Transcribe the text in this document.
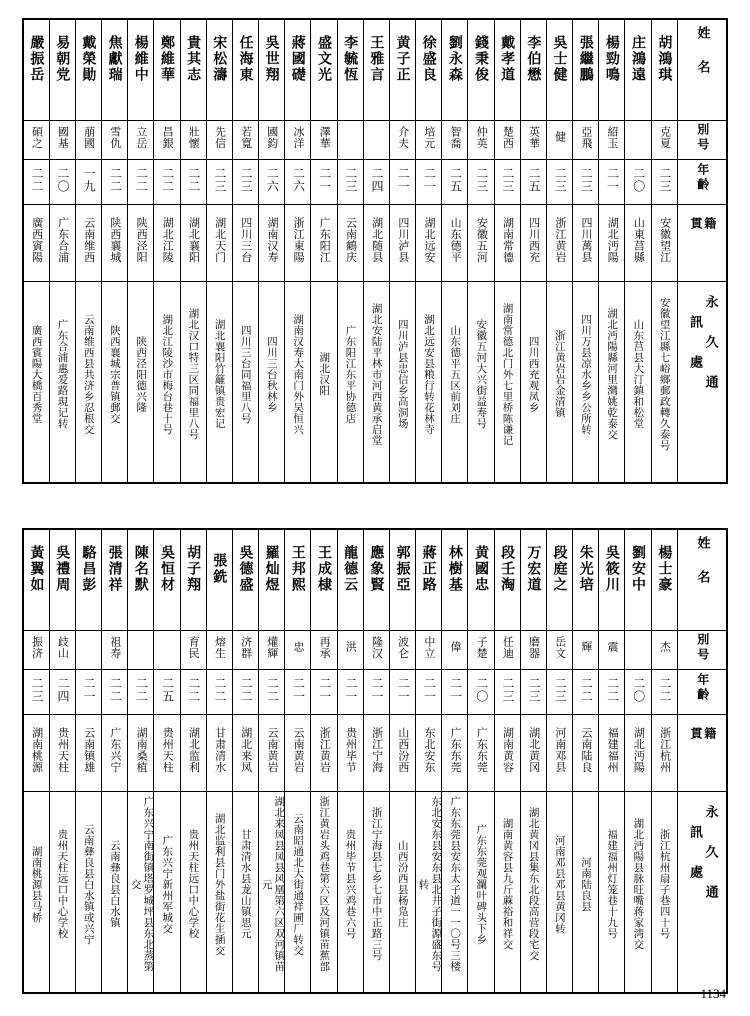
嚴振岳	易朝党	戴榮勛	焦獻瑞	楊維中	鄭維華	貴其志	宋松濤	任海東	吳世翔	蔣國礎	盛文光	李毓恆	王雅言	黄子正	徐盛良	劉永森	錢秉俊	戴孝道	李伯懋	吳士健	張繼鵬	楊勁鳴	庄鴻遠	胡鴻琪	姓 名

碩之	國基	萠國	雪仇	立岳	昌銀	壯懷	先信	若寬	國鈞	冰洋	澤華			介夫	培元	智喬	仲英	楚西	英華	健	亞飛	紹玉		克夏	別号

二二	二〇	一九	二二	二二	二二	二二	二三	二三	二六	二六	二一	二三	二四	二一	二一	二五	二三	二三	二五	二三	二三	二一	二〇	二三	年齡

廣西賓陽	广东合浦	云南维西	陕西襄城	陕西泾阳	湖北江陵	湖北襄阳	湖北天门	四川三台	湖南汉寿	浙江東陽	广东阳江	云南鶴庆	湖北随县	四川泸县	湖北远安	山东德平	安徽五河	湖南常德	四川西充	浙江黄岩	四川萬县	湖北沔陽	山東莒縣	安徽望江	籍 貫

廣西賓陽大橋百秀堂	广东合浦惠爱路現记转	云南维西县共济乡忍根交	陕西襄城宗普镇郵交	陕西泾阳德兴隆	湖北江陵沙市梅台巷十号	湖北汉口特三区同福里八号	湖北襄阳竹籬镇贵宏记	四川三台同福里八号	四川三台秋林乡	湖南汉寿大南门外吴恒兴	湖北汉阳	广东阳江东平协德店	湖北安陆平林市河西黄承启堂	四川泸县忠信乡高洞场	湖北远安县粮行转花林寺	山东德平五区前刘庄	安徽五河大兴街益寿号	湖南常德北门外七里桥陈谦记	四川西充观凤乡	浙江黄岩岩金清镇	四川万县凉水乡乡公所转	湖北沔陽縣河里灣姚乾泰交	山东莒县大汀鎮和松堂	安徽望江縣七峪鄉郵政轉久泰号	永 久 通 訊 處
黃翼如	吳禮周	駱昌彭	張清祥	陳名默	吳恒材	胡子翔	張銑	吳德盛	羅灿煜	王邦熙	王成棣	龍德云	應象賢	郭振亞	蔣正路	林樹基	黄國忠	段壬淘	万宏道	段庭之	朱光培	吳筱川	劉安中	楊士豪	姓 名

振济	歧山		祖寿			育民	熔生	济群	爟輝	忠	再承	洪	隆汉	波仑	中立	偉	子楚	任迪	磨器	岳文	輝	震		杰	別号

二三	二四	二一	二二	二二	二五	二二	二二	二二	二二	二一	二一	二一	二一	二一	二一	二一	二〇	二三	二三	二三	二二	二二	二〇	二二	年齡

湖南桃源	贵州天柱	云南镇雄	广东兴宁	湖南桑植	贵州天柱	湖北监利	甘肃清水	湖北来凤	云南黄岩	云南黄岩	浙江黄岩	贵州毕节	浙江宁海	山西汾西	东北安东	广东东莞	广东东莞	湖南黄容	湖北黄冈	河南邓县	云南陆良	福建福州	湖北沔陽	浙江杭州	籍 貫

湖南桃源县马桥	贵州天柱远口中心学校	云南彝良县白水镇或兴宁	云南彝良县白水镇	广东兴宁南街镇塔罗城坪县东北蒸第交	广东兴宁新州军城交	贵州天柱远口中心学校	湖北监利县门外盐街花生插交	甘肃清水县龙山镇思元	湖北来凤县凤县风凰第六区双河镇苗元	云南昭通北大街通祥圃厂转交	浙江黄岩头鸡巷第六区及河镇苗蕉部	贵州毕节县兴鸡巷六号	浙江宁海县七乡七市中正路三号	山西汾西县杨凫庄	东北安东县安东县北井子街源盛东号转	广东东莞县安东太子道一一〇号三楼	广东东莞观瀾叶碑头下乡	湖南黄容县九斤蔴裕和祥交	湖北黄冈县集东北段高营段宅交	河南邓县邓县黄冈转	河南陆良县	福建福州灯笼巷十九号	湖北沔陽县脉旺嘴蒋家湾交	浙江杭州扇子巷四十号	永 久 通 訊 處
1134
